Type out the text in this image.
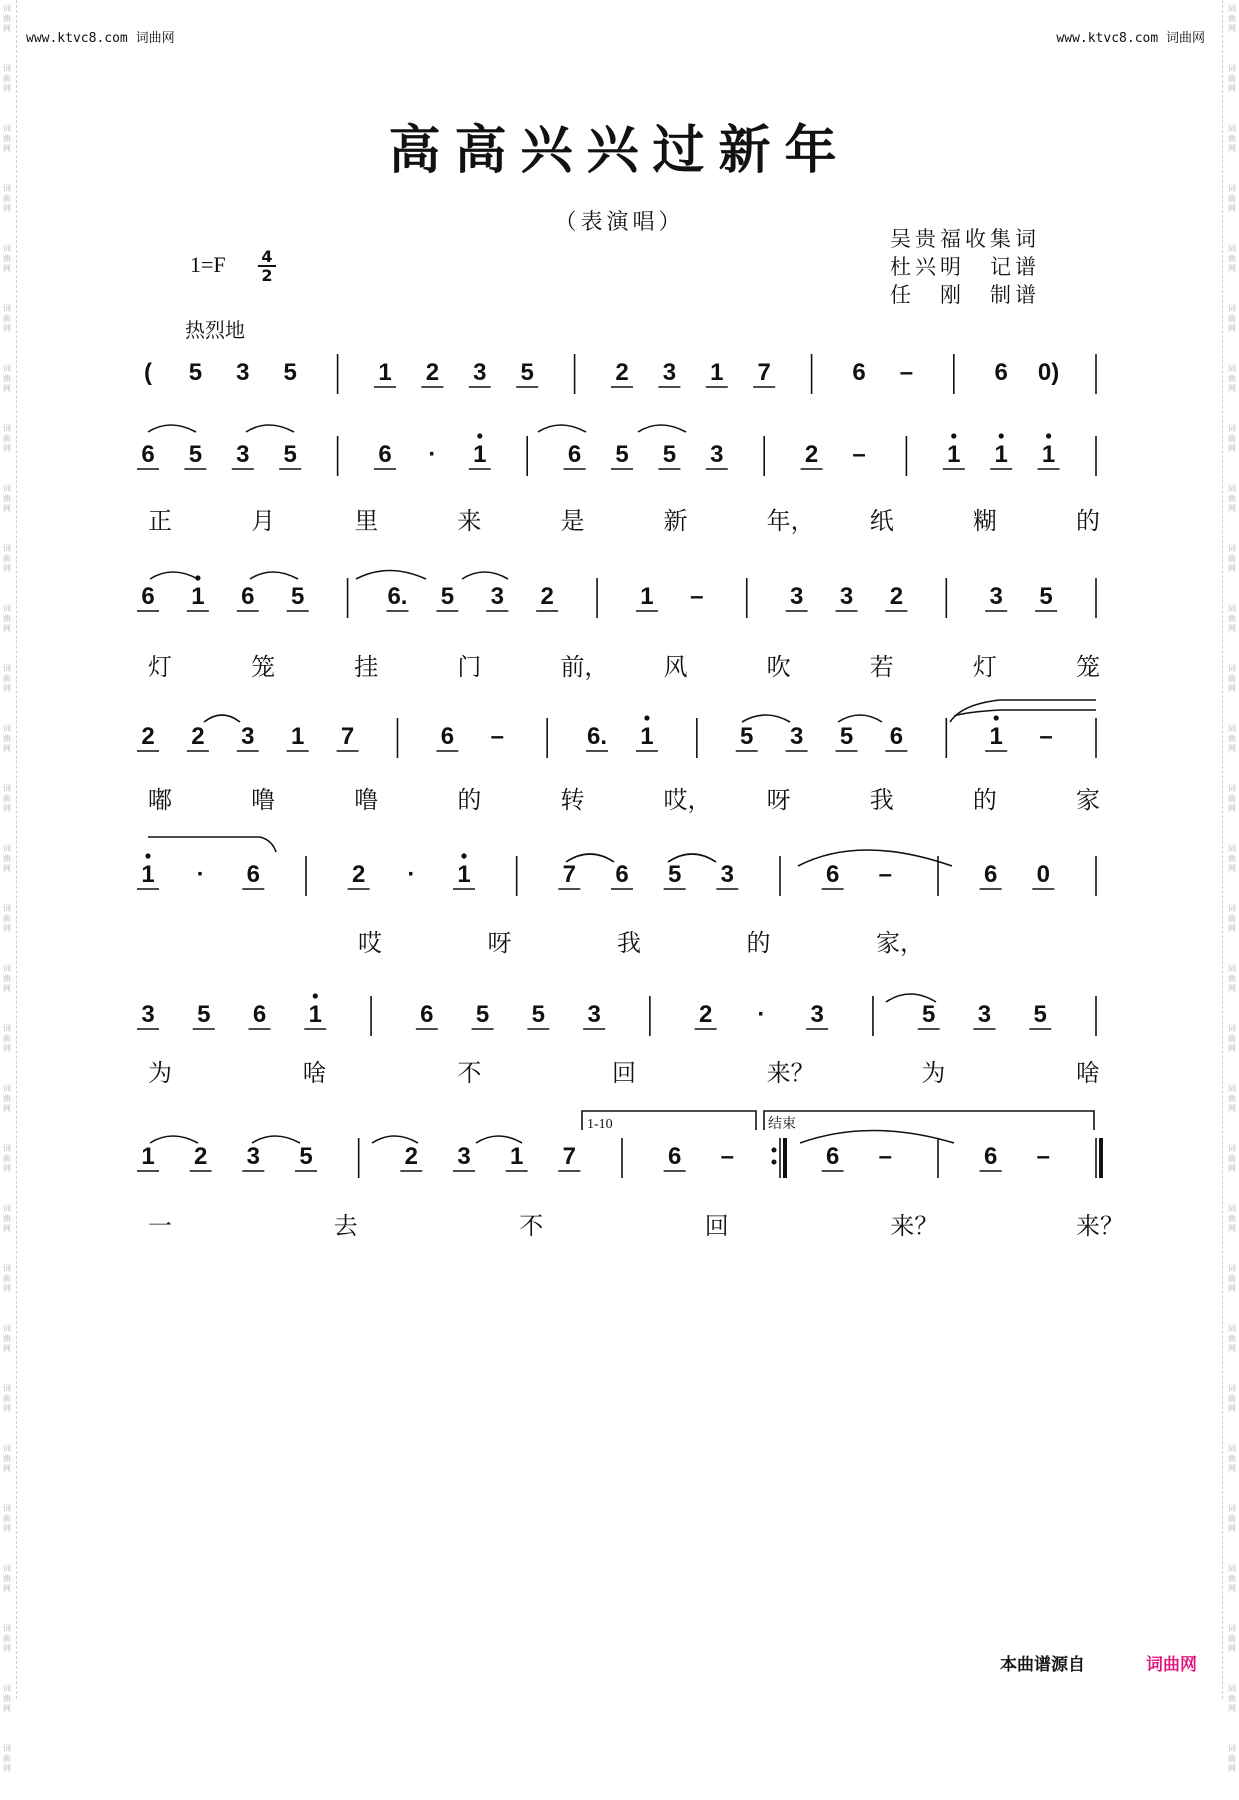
词
曲
网
词
曲
网
词
曲
网
词
曲
网
词
曲
网
词
曲
网
词
曲
网
词
曲
网
词
曲
网
词
曲
网
词
曲
网
词
曲
网
词
曲
网
词
曲
网
词
曲
网
词
曲
网
词
曲
网
词
曲
网
词
曲
网
词
曲
网
词
曲
网
词
曲
网
词
曲
网
词
曲
网
词
曲
网
词
曲
网
词
曲
网
词
曲
网
词
曲
网
词
曲
网
词
曲
网
词
曲
网
词
曲
网
词
曲
网
词
曲
网
词
曲
网
词
曲
网
词
曲
网
词
曲
网
词
曲
网
词
曲
网
词
曲
网
词
曲
网
词
曲
网
词
曲
网
词
曲
网
词
曲
网
词
曲
网
词
曲
网
词
曲
网
词
曲
网
词
曲
网
词
曲
网
词
曲
网
词
曲
网
词
曲
网
词
曲
网
词
曲
网
词
曲
网
词
曲
网
www.ktvc8.com 词曲网	www.ktvc8.com 词曲网
高高兴兴过新年
（表演唱）
吴贵福收集词
杜兴明　记谱
任　刚　制谱
1=F 4
2
热烈地
( 5 3 5	1 2 3 5	2 3 1 7	6 –	6 0)
6 5 3 5	6 · 1	6 5 5 3	2 –	1 1 1
6 1 6 5	6. 5 3 2	1 –	3 3 2	3 5
2 2 3 1 7	6 –	6. 1	5 3 5 6	1 –
1 · 6	2 · 1	7 6 5 3	6 –	6 0
3 5 6 1	6 5 5 3	2 · 3	5 3 5
1 2 3 5	2 3 1 7	6 –	6 –	6 –
正	月	里	来	是	新	年， 纸	糊	的
灯	笼	挂	门	前， 风	吹	若	灯	笼
嘟	噜	噜	的	转	哎， 呀	我	的	家
哎	呀	我	的	家，
为	啥	不	回	来？	为	啥
一	去	不	回	来？	来？
1-10	结束
本曲谱源自	词曲网
